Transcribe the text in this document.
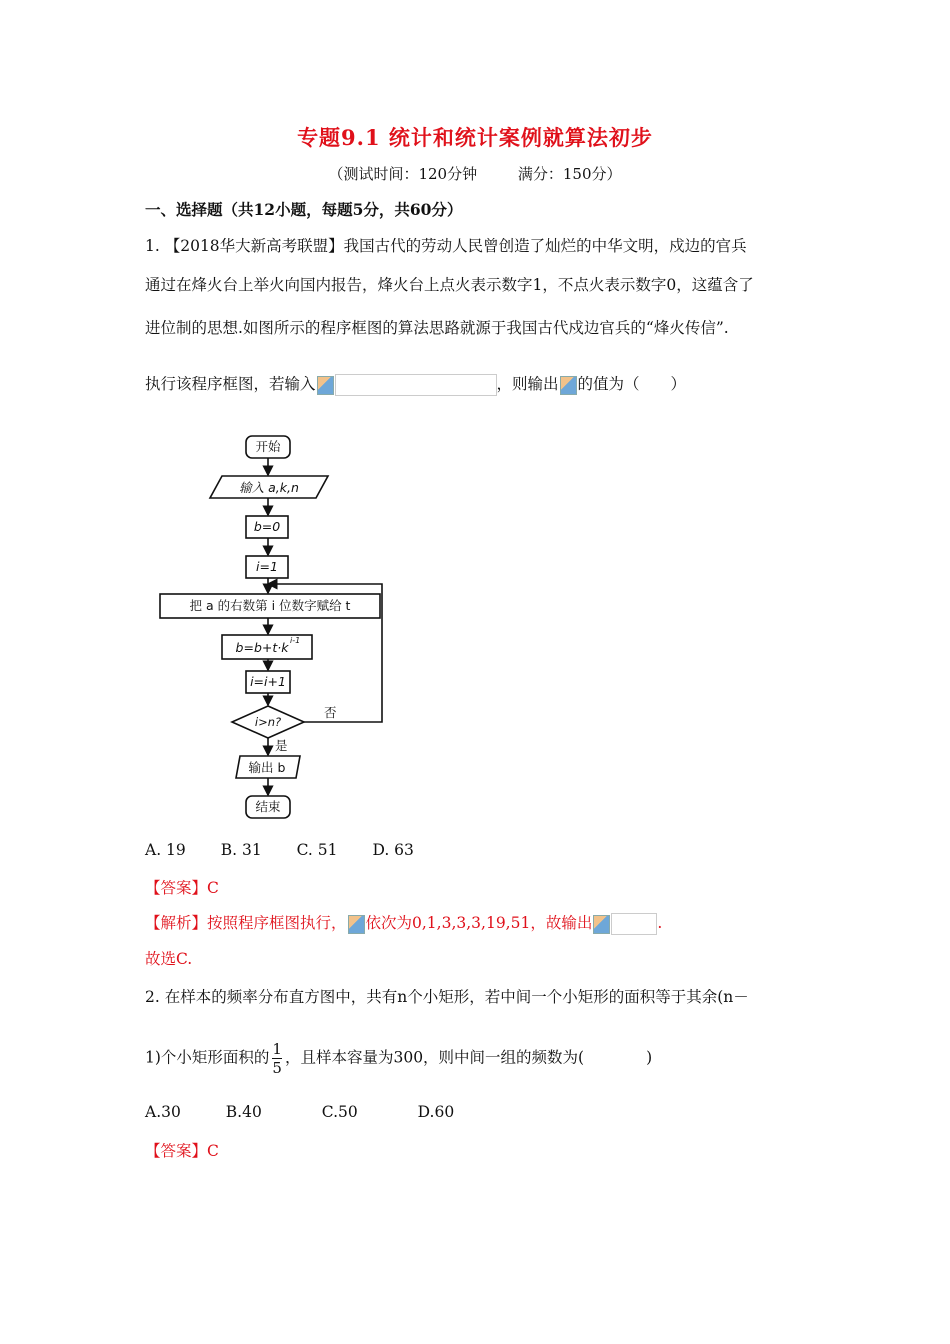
专题9.1 统计和统计案例就算法初步
（测试时间：120分钟	满分：150分）
一、选择题（共12小题，每题5分，共60分）
1. 【2018华大新高考联盟】我国古代的劳动人民曾创造了灿烂的中华文明，戍边的官兵
通过在烽火台上举火向国内报告，烽火台上点火表示数字1，不点火表示数字0，这蕴含了
进位制的思想.如图所示的程序框图的算法思路就源于我国古代戍边官兵的“烽火传信”.
执行该程序框图，若输入	，则输出 的值为（　　）
开始
输入 a,k,n
b=0
i=1
把 a 的右数第 i 位数字赋给 t
b=b+t·k i-1
i=i+1
i>n?
否
是
输出 b
结束
A. 19 B. 31 C. 51 D. 63
【答案】C
【解析】按照程序框图执行， 依次为0,1,3,3,3,19,51，故输出	.
故选C.
2. 在样本的频率分布直方图中，共有n个小矩形，若中间一个小矩形的面积等于其余(n－
1)个小矩形面积的 $\frac{1}{5}$ ，且样本容量为300，则中间一组的频数为(　　　　)
A.30	B.40	C.50	D.60
【答案】C
